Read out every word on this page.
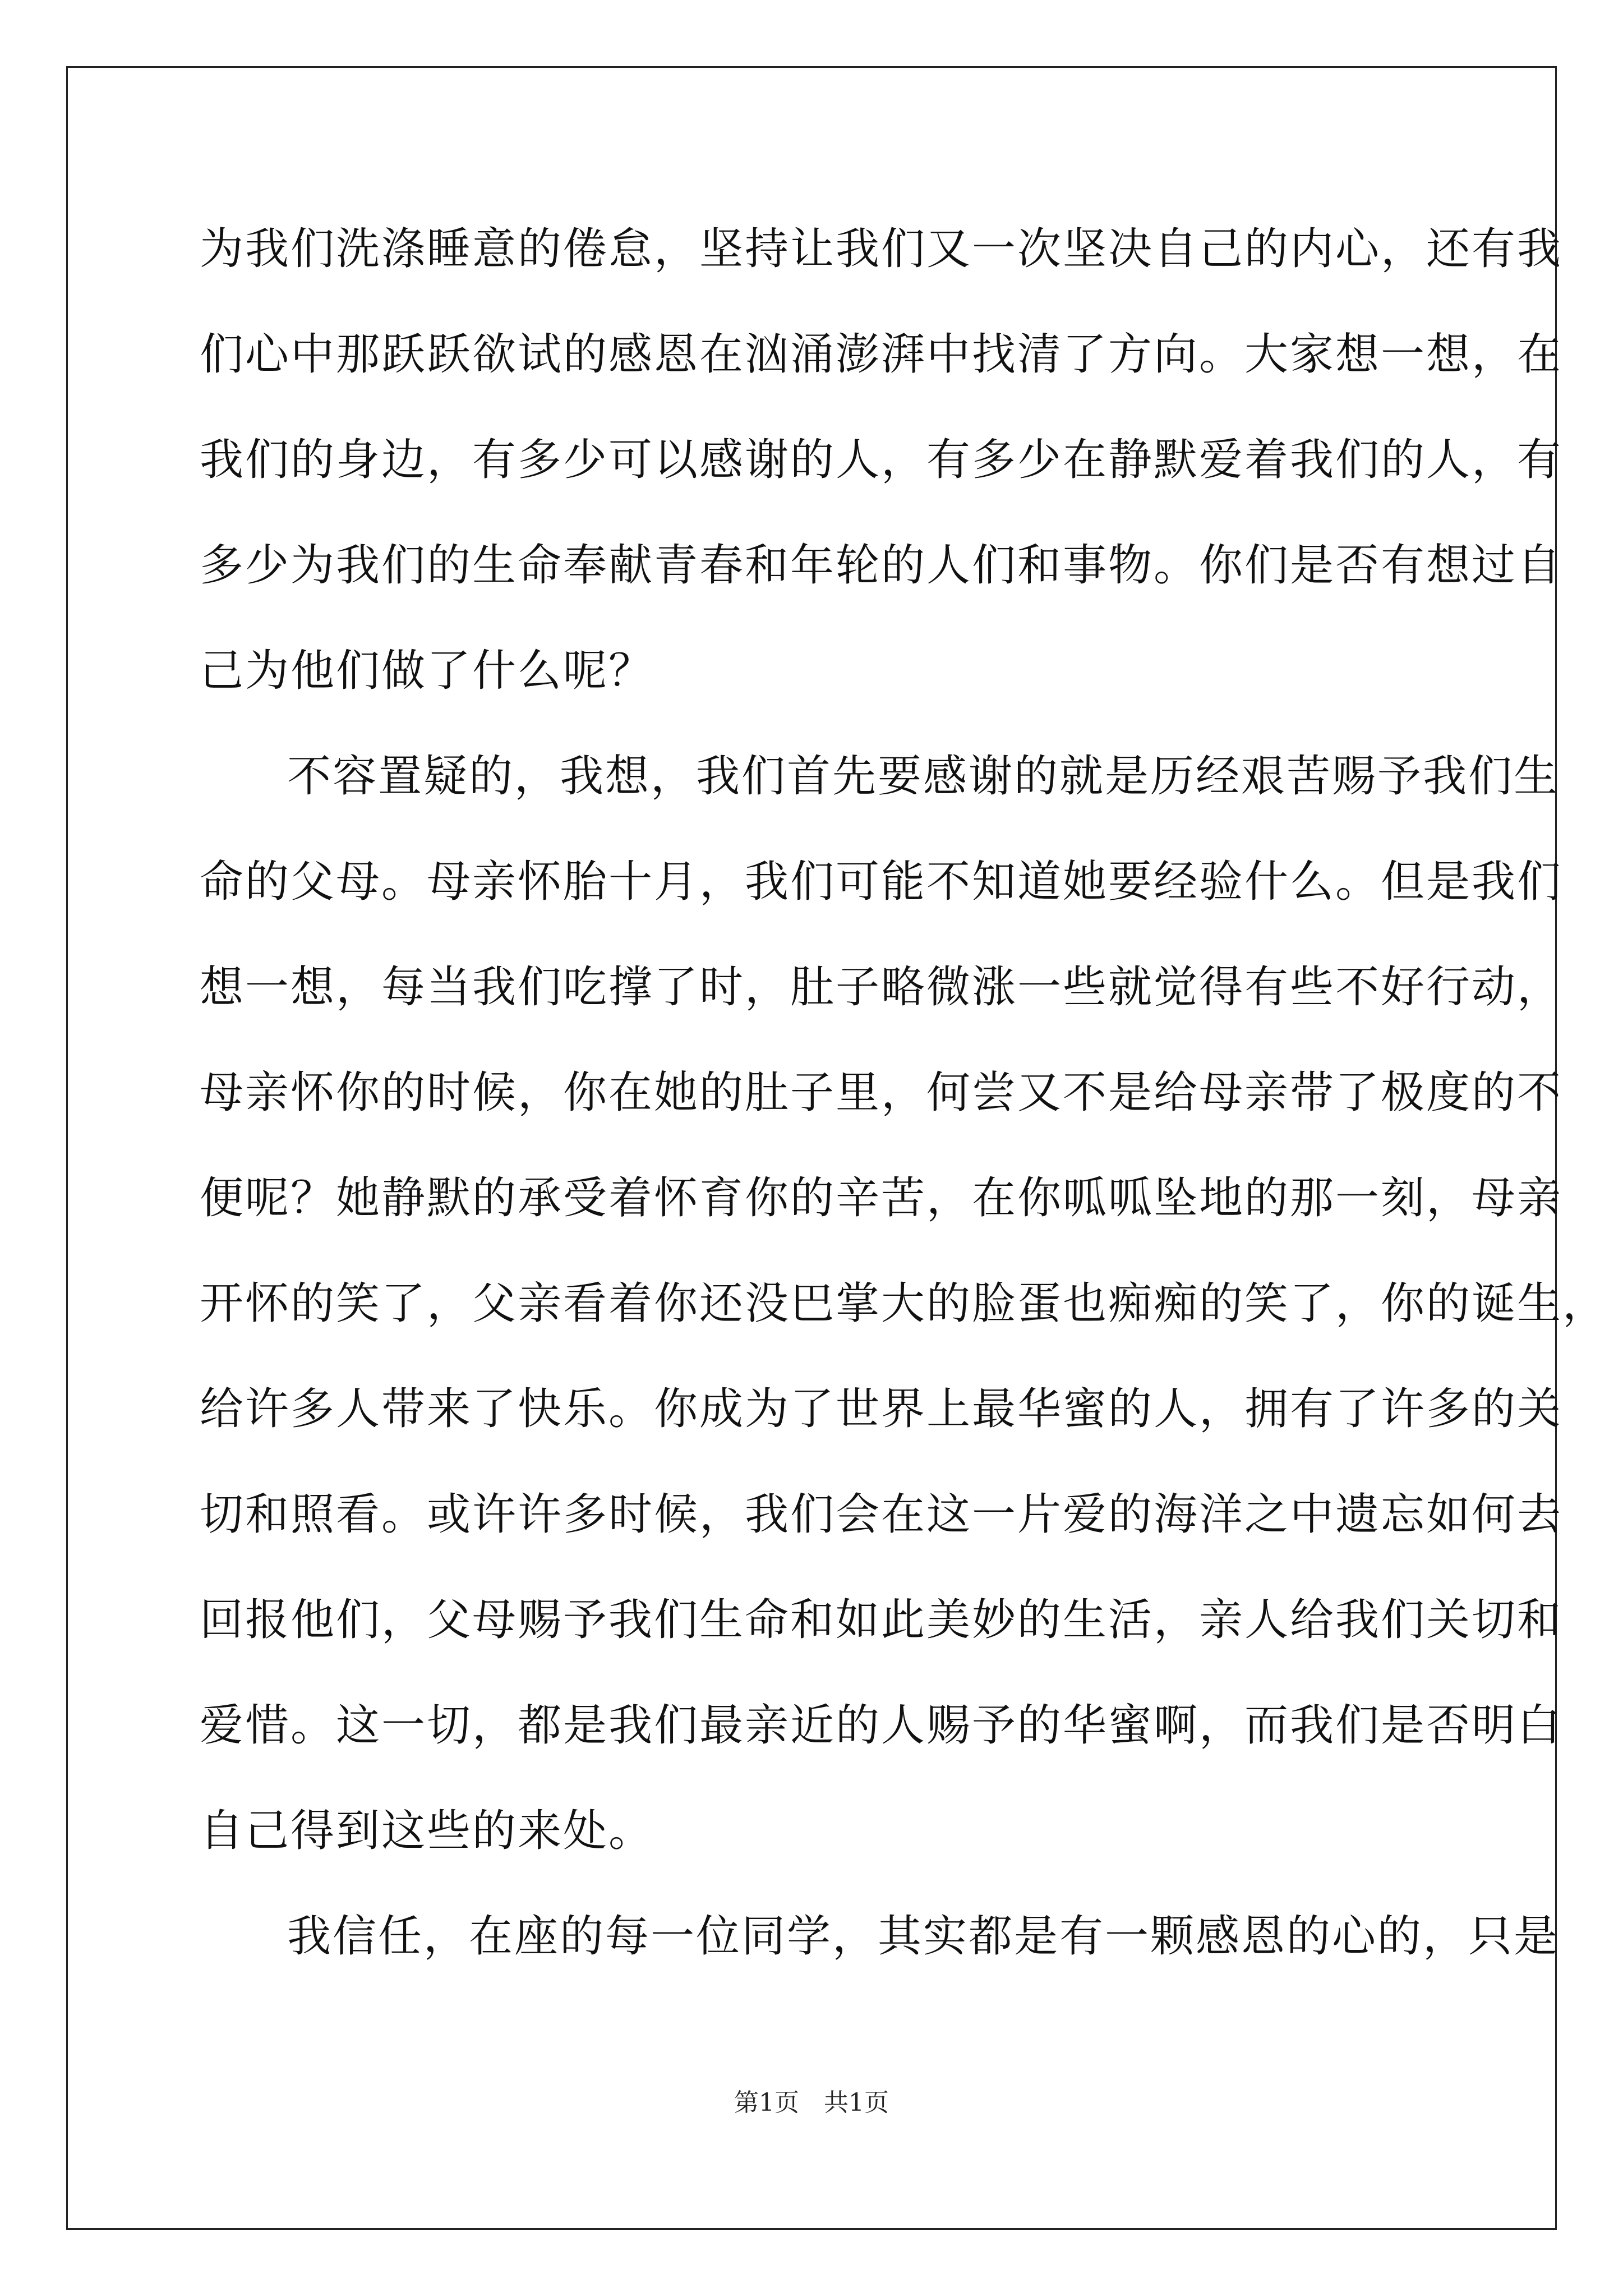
为我们洗涤睡意的倦怠，坚持让我们又一次坚决自己的内心，还有我
们心中那跃跃欲试的感恩在汹涌澎湃中找清了方向。大家想一想，在
我们的身边，有多少可以感谢的人，有多少在静默爱着我们的人，有
多少为我们的生命奉献青春和年轮的人们和事物。你们是否有想过自
己为他们做了什么呢？
不容置疑的，我想，我们首先要感谢的就是历经艰苦赐予我们生
命的父母。母亲怀胎十月，我们可能不知道她要经验什么。但是我们
想一想，每当我们吃撑了时，肚子略微涨一些就觉得有些不好行动，
母亲怀你的时候，你在她的肚子里，何尝又不是给母亲带了极度的不
便呢？她静默的承受着怀育你的辛苦，在你呱呱坠地的那一刻，母亲
开怀的笑了，父亲看着你还没巴掌大的脸蛋也痴痴的笑了，你的诞生，
给许多人带来了快乐。你成为了世界上最华蜜的人，拥有了许多的关
切和照看。或许许多时候，我们会在这一片爱的海洋之中遗忘如何去
回报他们，父母赐予我们生命和如此美妙的生活，亲人给我们关切和
爱惜。这一切，都是我们最亲近的人赐予的华蜜啊，而我们是否明白
自己得到这些的来处。
我信任，在座的每一位同学，其实都是有一颗感恩的心的，只是
第1页　共1页
